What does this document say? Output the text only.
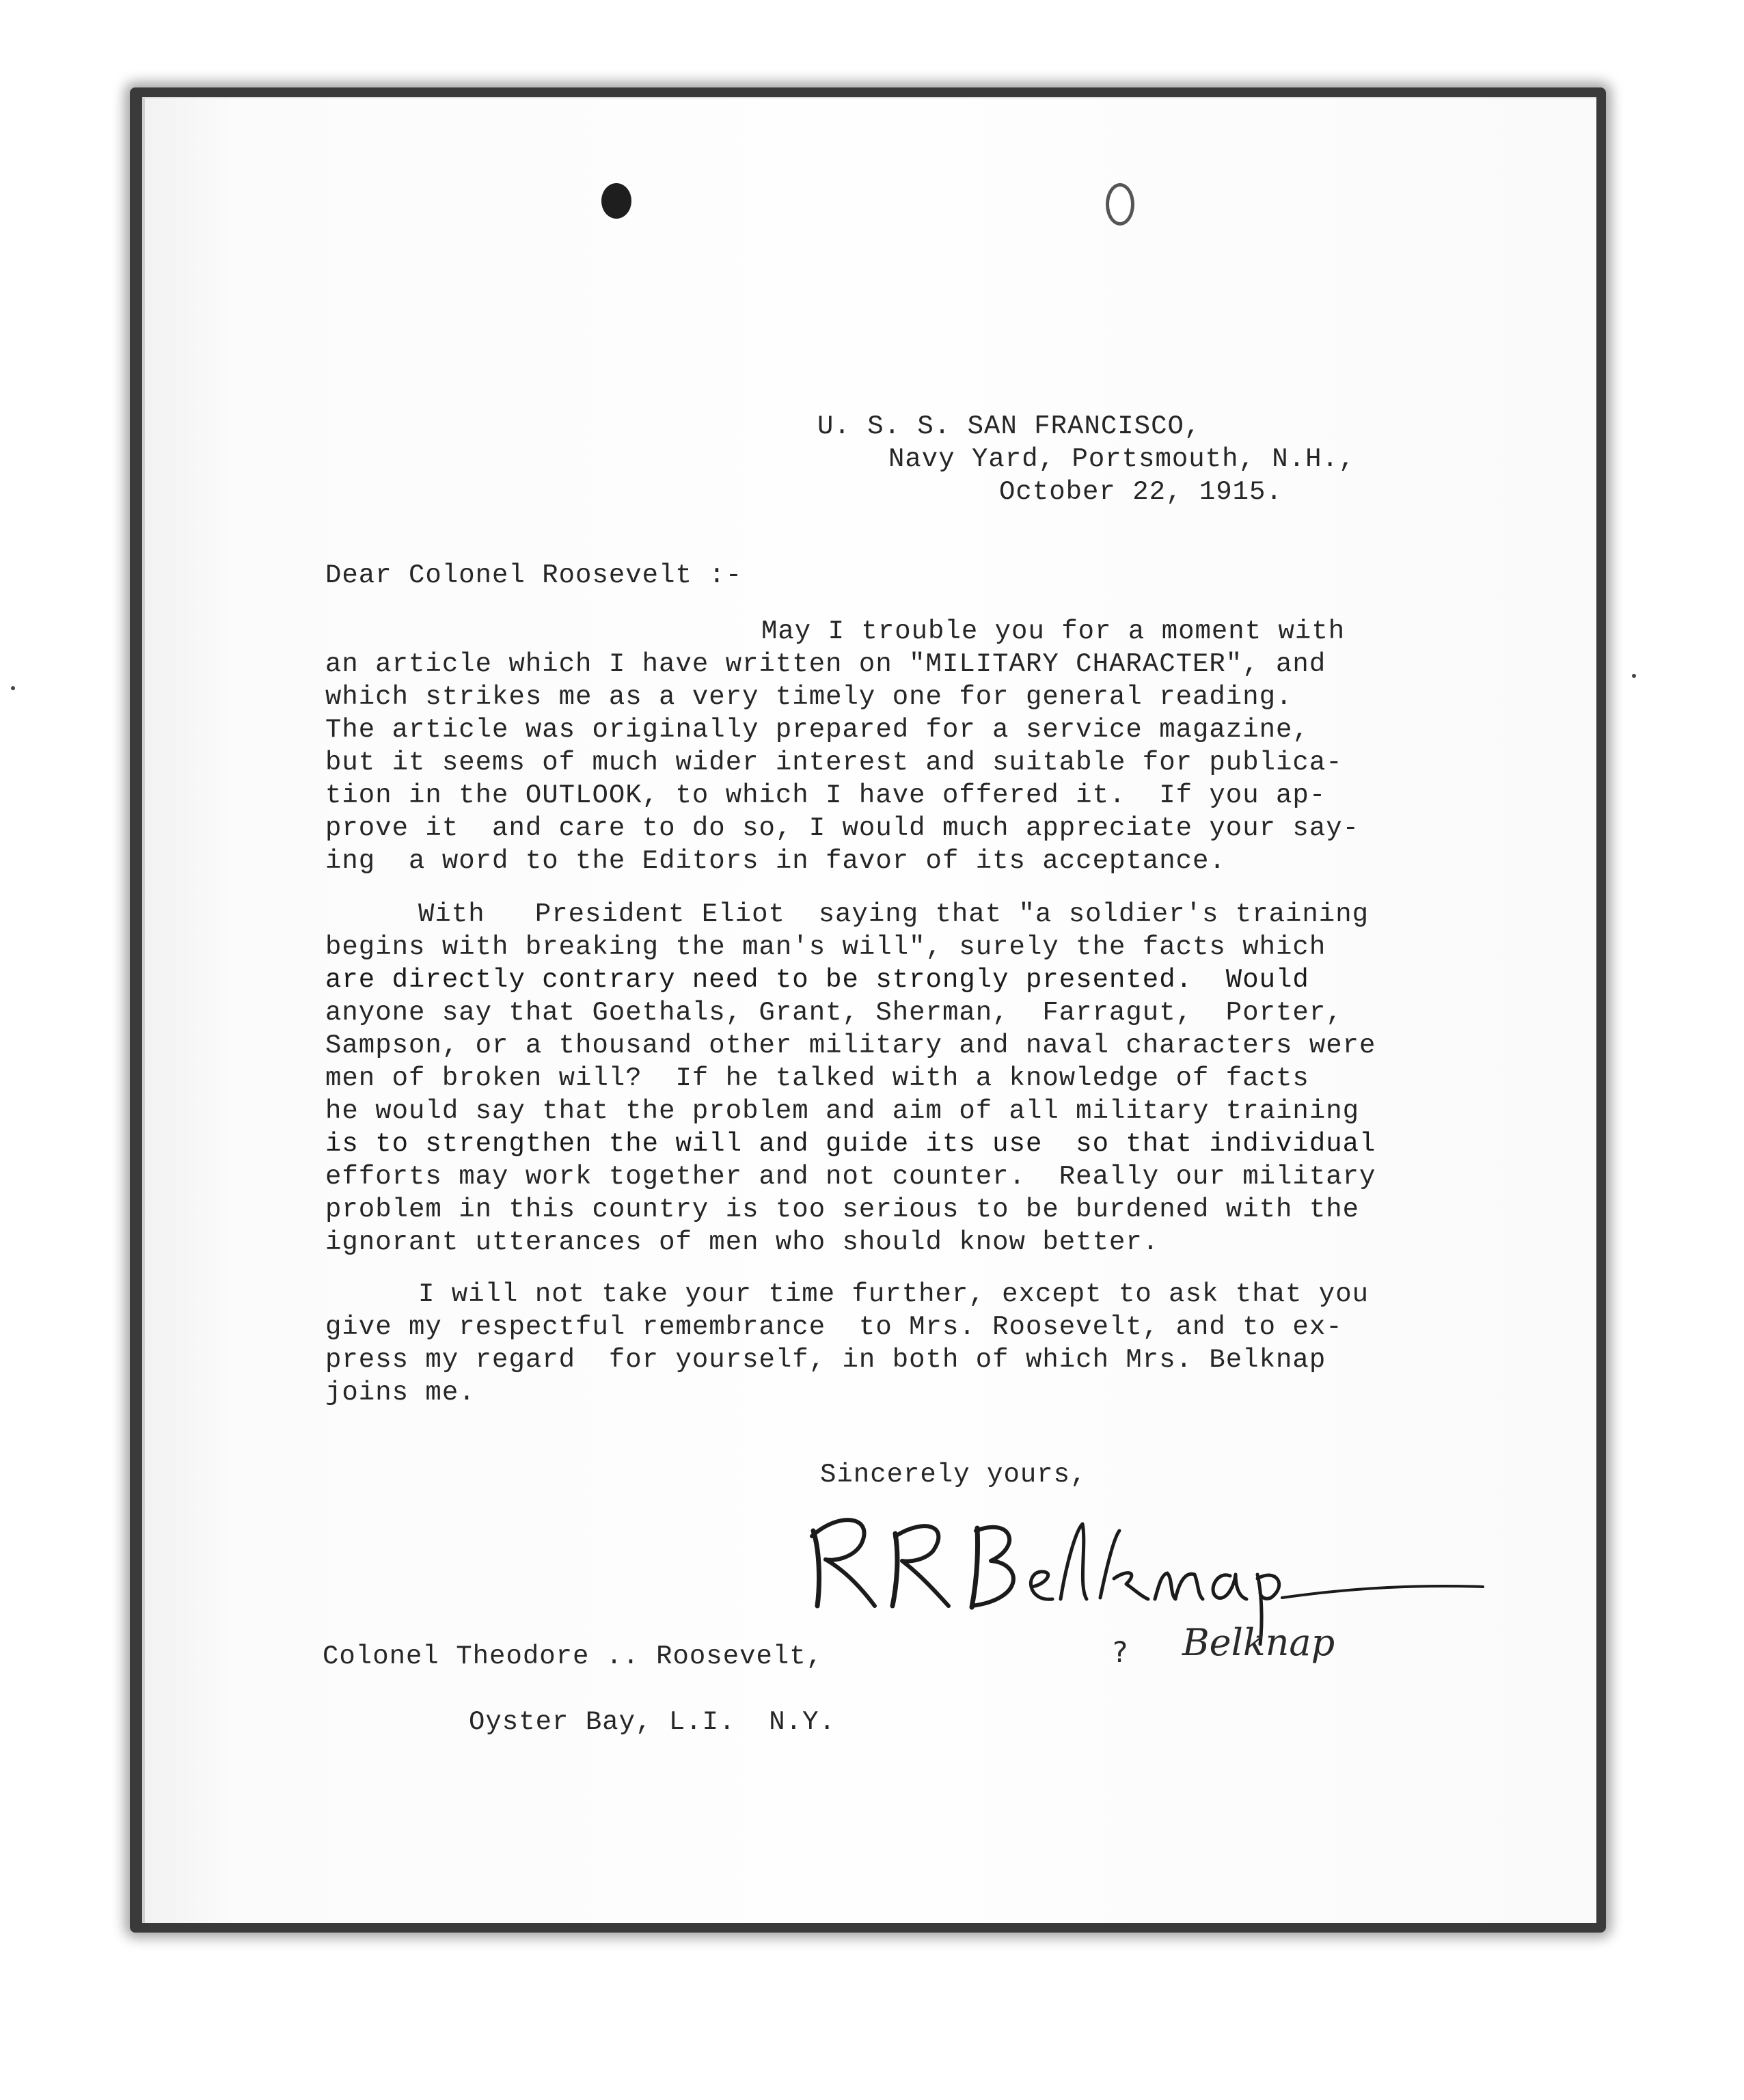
U. S. S. SAN FRANCISCO,

Navy Yard, Portsmouth, N.H.,

October 22, 1915.

Dear Colonel Roosevelt :-

May I trouble you for a moment with

an article which I have written on "MILITARY CHARACTER", and

which strikes me as a very timely one for general reading.

The article was originally prepared for a service magazine,

but it seems of much wider interest and suitable for publica-

tion in the OUTLOOK, to which I have offered it.  If you ap-

prove it  and care to do so, I would much appreciate your say-

ing  a word to the Editors in favor of its acceptance.

With   President Eliot  saying that "a soldier's training

begins with breaking the man's will", surely the facts which

are directly contrary need to be strongly presented.  Would

anyone say that Goethals, Grant, Sherman,  Farragut,  Porter,

Sampson, or a thousand other military and naval characters were

men of broken will?  If he talked with a knowledge of facts

he would say that the problem and aim of all military training

is to strengthen the will and guide its use  so that individual

efforts may work together and not counter.  Really our military

problem in this country is too serious to be burdened with the

ignorant utterances of men who should know better.

I will not take your time further, except to ask that you

give my respectful remembrance  to Mrs. Roosevelt, and to ex-

press my regard  for yourself, in both of which Mrs. Belknap

joins me.

Sincerely yours,

? Belknap

Colonel Theodore .. Roosevelt,

Oyster Bay, L.I.  N.Y.
